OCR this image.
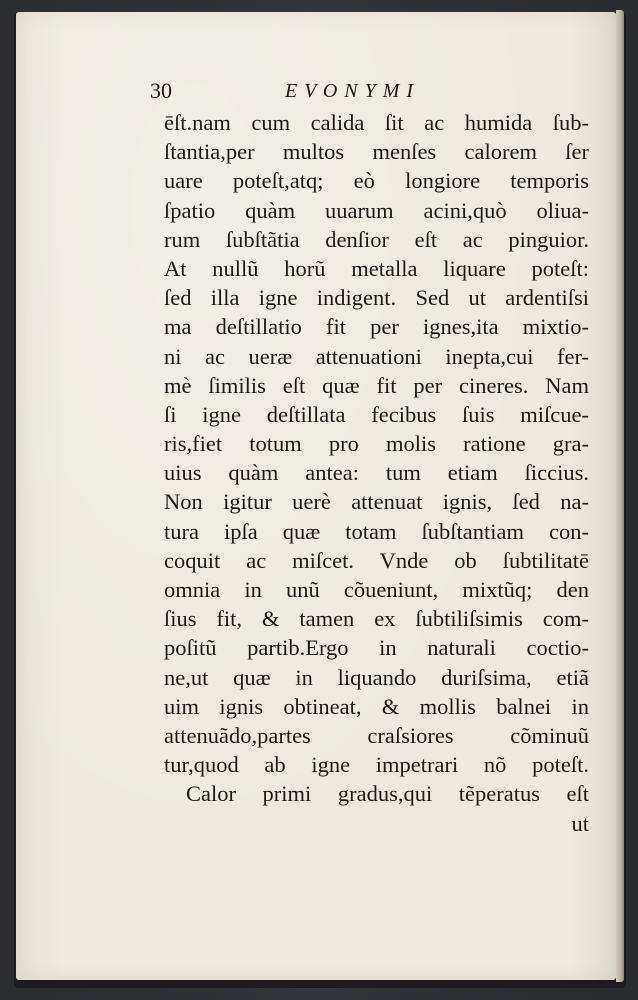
30	EVONYMI
ēſt.nam cum calida ſit ac humida ſub-
ſtantia,per multos menſes calorem ſer
uare poteſt,atq; eò longiore temporis
ſpatio quàm uuarum acini,quò oliua-
rum ſubſtãtia denſior eſt ac pinguior.
At nullũ horũ metalla liquare poteſt:
ſed illa igne indigent. Sed ut ardentiſsi
ma deſtillatio fit per ignes,ita mixtio-
ni ac ueræ attenuationi inepta,cui fer-
mè ſimilis eſt quæ fit per cineres. Nam
ſi igne deſtillata fecibus ſuis miſcue-
ris,fiet totum pro molis ratione gra-
uius quàm antea: tum etiam ſiccius.
Non igitur uerè attenuat ignis, ſed na-
tura ipſa quæ totam ſubſtantiam con-
coquit ac miſcet. Vnde ob ſubtilitatē
omnia in unũ cõueniunt, mixtũq; den
ſius fit, & tamen ex ſubtiliſsimis com-
poſitũ partib.Ergo in naturali coctio-
ne,ut quæ in liquando duriſsima, etiã
uim ignis obtineat, & mollis balnei in
attenuãdo,partes craſsiores cõminuũ
tur,quod ab igne impetrari nõ poteſt.
Calor primi gradus,qui tẽperatus eſt
ut
